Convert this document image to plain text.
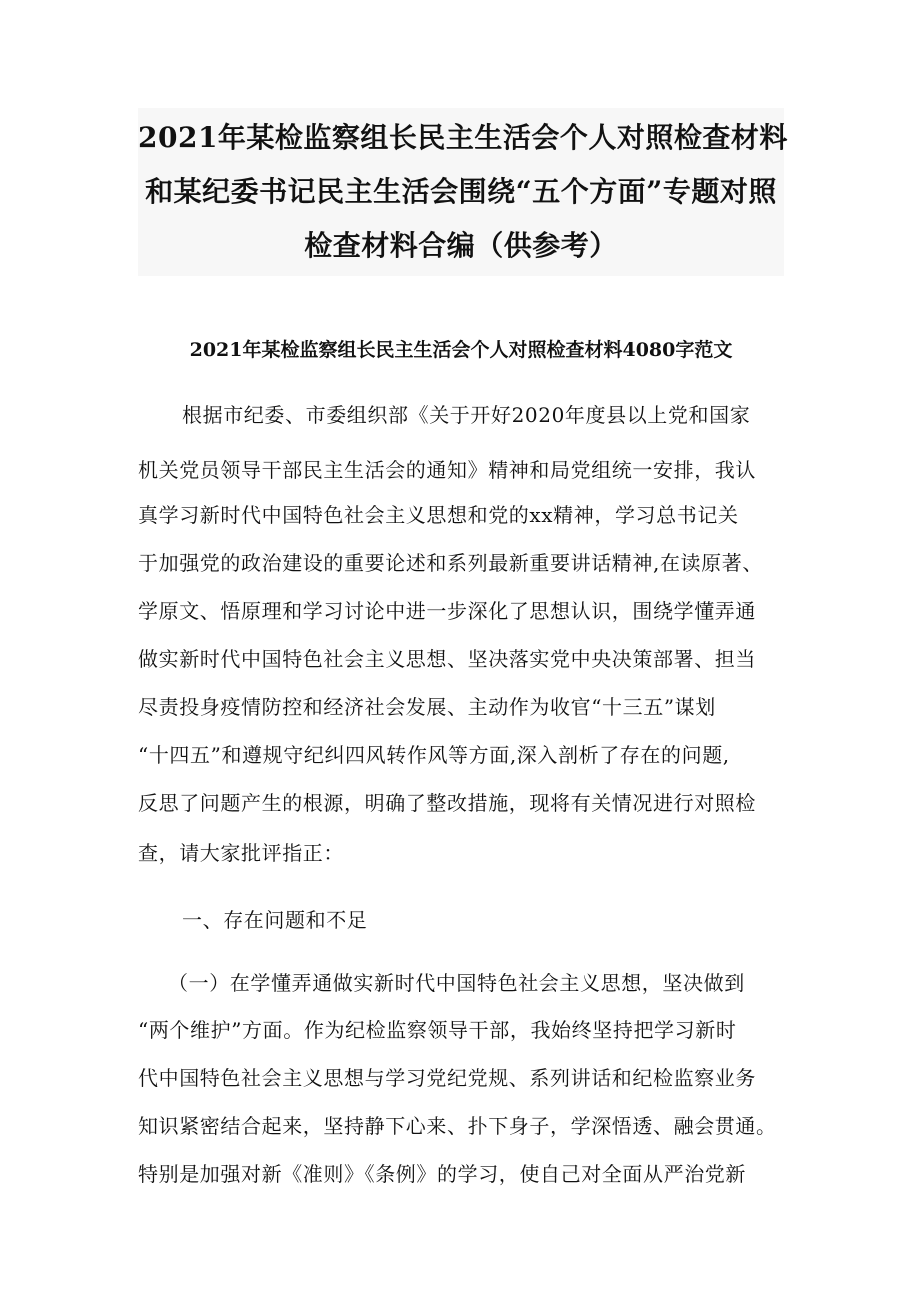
2021年某检监察组长民主生活会个人对照检查材料
和某纪委书记民主生活会围绕“五个方面”专题对照
检查材料合编（供参考）
2021年某检监察组长民主生活会个人对照检查材料4080字范文
根据市纪委、市委组织部《关于开好2020年度县以上党和国家
机关党员领导干部民主生活会的通知》精神和局党组统一安排，我认
真学习新时代中国特色社会主义思想和党的xx精神，学习总书记关
于加强党的政治建设的重要论述和系列最新重要讲话精神,在读原著、
学原文、悟原理和学习讨论中进一步深化了思想认识，围绕学懂弄通
做实新时代中国特色社会主义思想、坚决落实党中央决策部署、担当
尽责投身疫情防控和经济社会发展、主动作为收官“十三五”谋划
“十四五”和遵规守纪纠四风转作风等方面,深入剖析了存在的问题,
反思了问题产生的根源，明确了整改措施，现将有关情况进行对照检
查，请大家批评指正：
一、存在问题和不足
（一）在学懂弄通做实新时代中国特色社会主义思想，坚决做到
“两个维护”方面。作为纪检监察领导干部，我始终坚持把学习新时
代中国特色社会主义思想与学习党纪党规、系列讲话和纪检监察业务
知识紧密结合起来，坚持静下心来、扑下身子，学深悟透、融会贯通。
特别是加强对新《准则》《条例》的学习，使自己对全面从严治党新
